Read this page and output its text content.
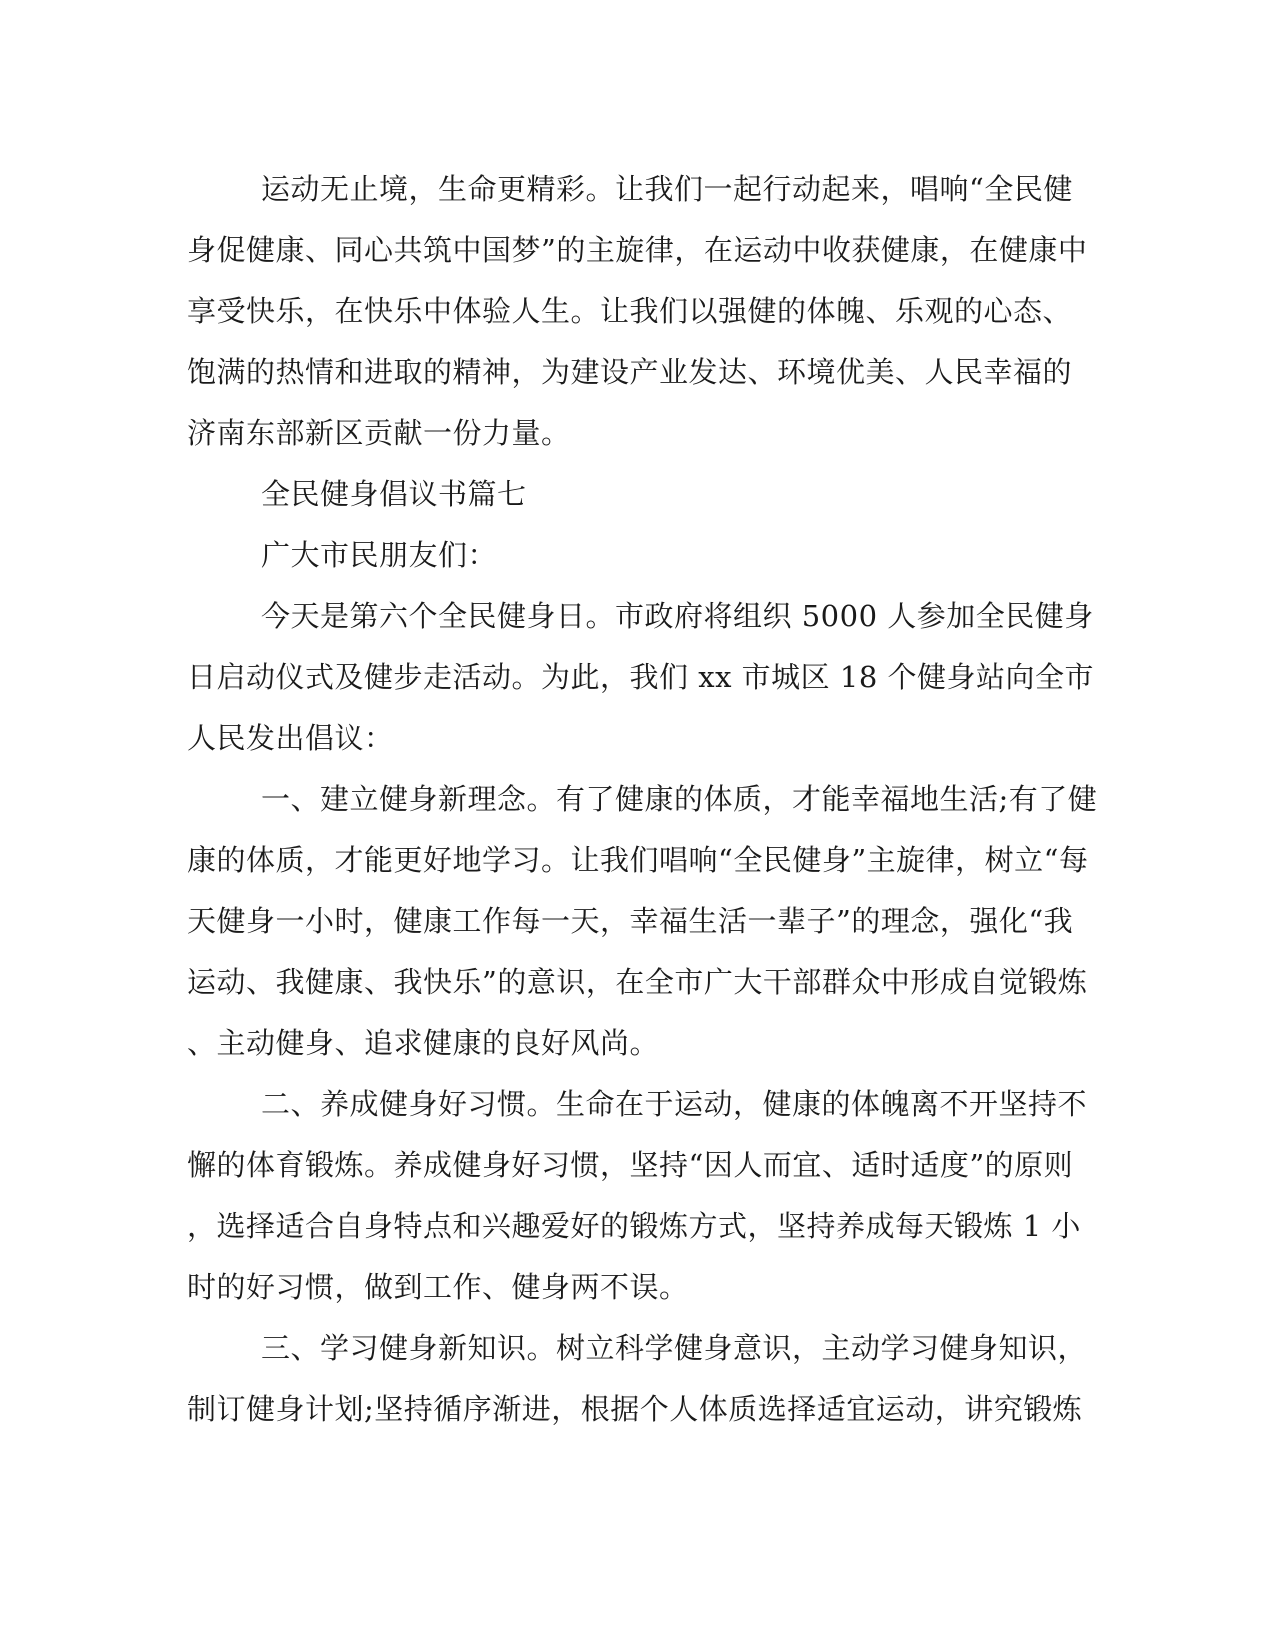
运动无止境，生命更精彩。让我们一起行动起来，唱响“全民健
身促健康、同心共筑中国梦”的主旋律，在运动中收获健康，在健康中
享受快乐，在快乐中体验人生。让我们以强健的体魄、乐观的心态、
饱满的热情和进取的精神，为建设产业发达、环境优美、人民幸福的
济南东部新区贡献一份力量。
全民健身倡议书篇七
广大市民朋友们：
今天是第六个全民健身日。市政府将组织 5000 人参加全民健身
日启动仪式及健步走活动。为此，我们 xx 市城区 18 个健身站向全市
人民发出倡议：
一、建立健身新理念。有了健康的体质，才能幸福地生活;有了健
康的体质，才能更好地学习。让我们唱响“全民健身”主旋律，树立“每
天健身一小时，健康工作每一天，幸福生活一辈子”的理念，强化“我
运动、我健康、我快乐”的意识，在全市广大干部群众中形成自觉锻炼
、主动健身、追求健康的良好风尚。
二、养成健身好习惯。生命在于运动，健康的体魄离不开坚持不
懈的体育锻炼。养成健身好习惯，坚持“因人而宜、适时适度”的原则
，选择适合自身特点和兴趣爱好的锻炼方式，坚持养成每天锻炼 1 小
时的好习惯，做到工作、健身两不误。
三、学习健身新知识。树立科学健身意识，主动学习健身知识，
制订健身计划;坚持循序渐进，根据个人体质选择适宜运动，讲究锻炼
